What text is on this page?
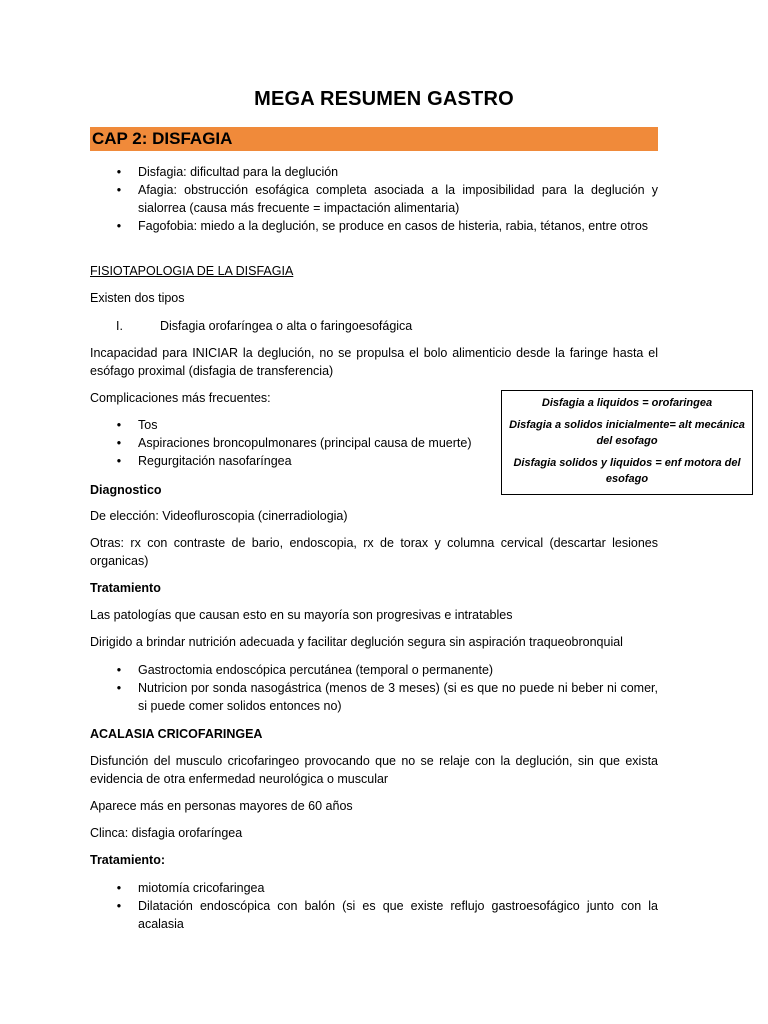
MEGA RESUMEN GASTRO
CAP 2: DISFAGIA
• Disfagia: dificultad para la deglución
• Afagia: obstrucción esofágica completa asociada a la imposibilidad para la deglución y sialorrea (causa más frecuente = impactación alimentaria)
• Fagofobia: miedo a la deglución, se produce en casos de histeria, rabia, tétanos, entre otros
FISIOTAPOLOGIA DE LA DISFAGIA
Existen dos tipos
I.	Disfagia orofaríngea o alta o faringoesofágica
Incapacidad para INICIAR la deglución, no se propulsa el bolo alimenticio desde la faringe hasta el esófago proximal (disfagia de transferencia)
Complicaciones más frecuentes:
• Tos
• Aspiraciones broncopulmonares (principal causa de muerte)
• Regurgitación nasofaríngea
Diagnostico
De elección: Videofluroscopia (cinerradiologia)
Otras: rx con contraste de bario, endoscopia, rx de torax y columna cervical (descartar lesiones organicas)
Tratamiento
Las patologías que causan esto en su mayoría son progresivas e intratables
Dirigido a brindar nutrición adecuada y facilitar deglución segura sin aspiración traqueobronquial
• Gastroctomia endoscópica percutánea (temporal o permanente)
• Nutricion por sonda nasogástrica (menos de 3 meses) (si es que no puede ni beber ni comer, si puede comer solidos entonces no)
ACALASIA CRICOFARINGEA
Disfunción del musculo cricofaringeo provocando que no se relaje con la deglución, sin que exista evidencia de otra enfermedad neurológica o muscular
Aparece más en personas mayores de 60 años
Clinca: disfagia orofaríngea
Tratamiento:
• miotomía cricofaringea
• Dilatación endoscópica con balón (si es que existe reflujo gastroesofágico junto con la acalasia

Disfagia a liquidos = orofaringea

Disfagia a solidos inicialmente= alt mecánica del esofago

Disfagia solidos y liquidos = enf motora del esofago
